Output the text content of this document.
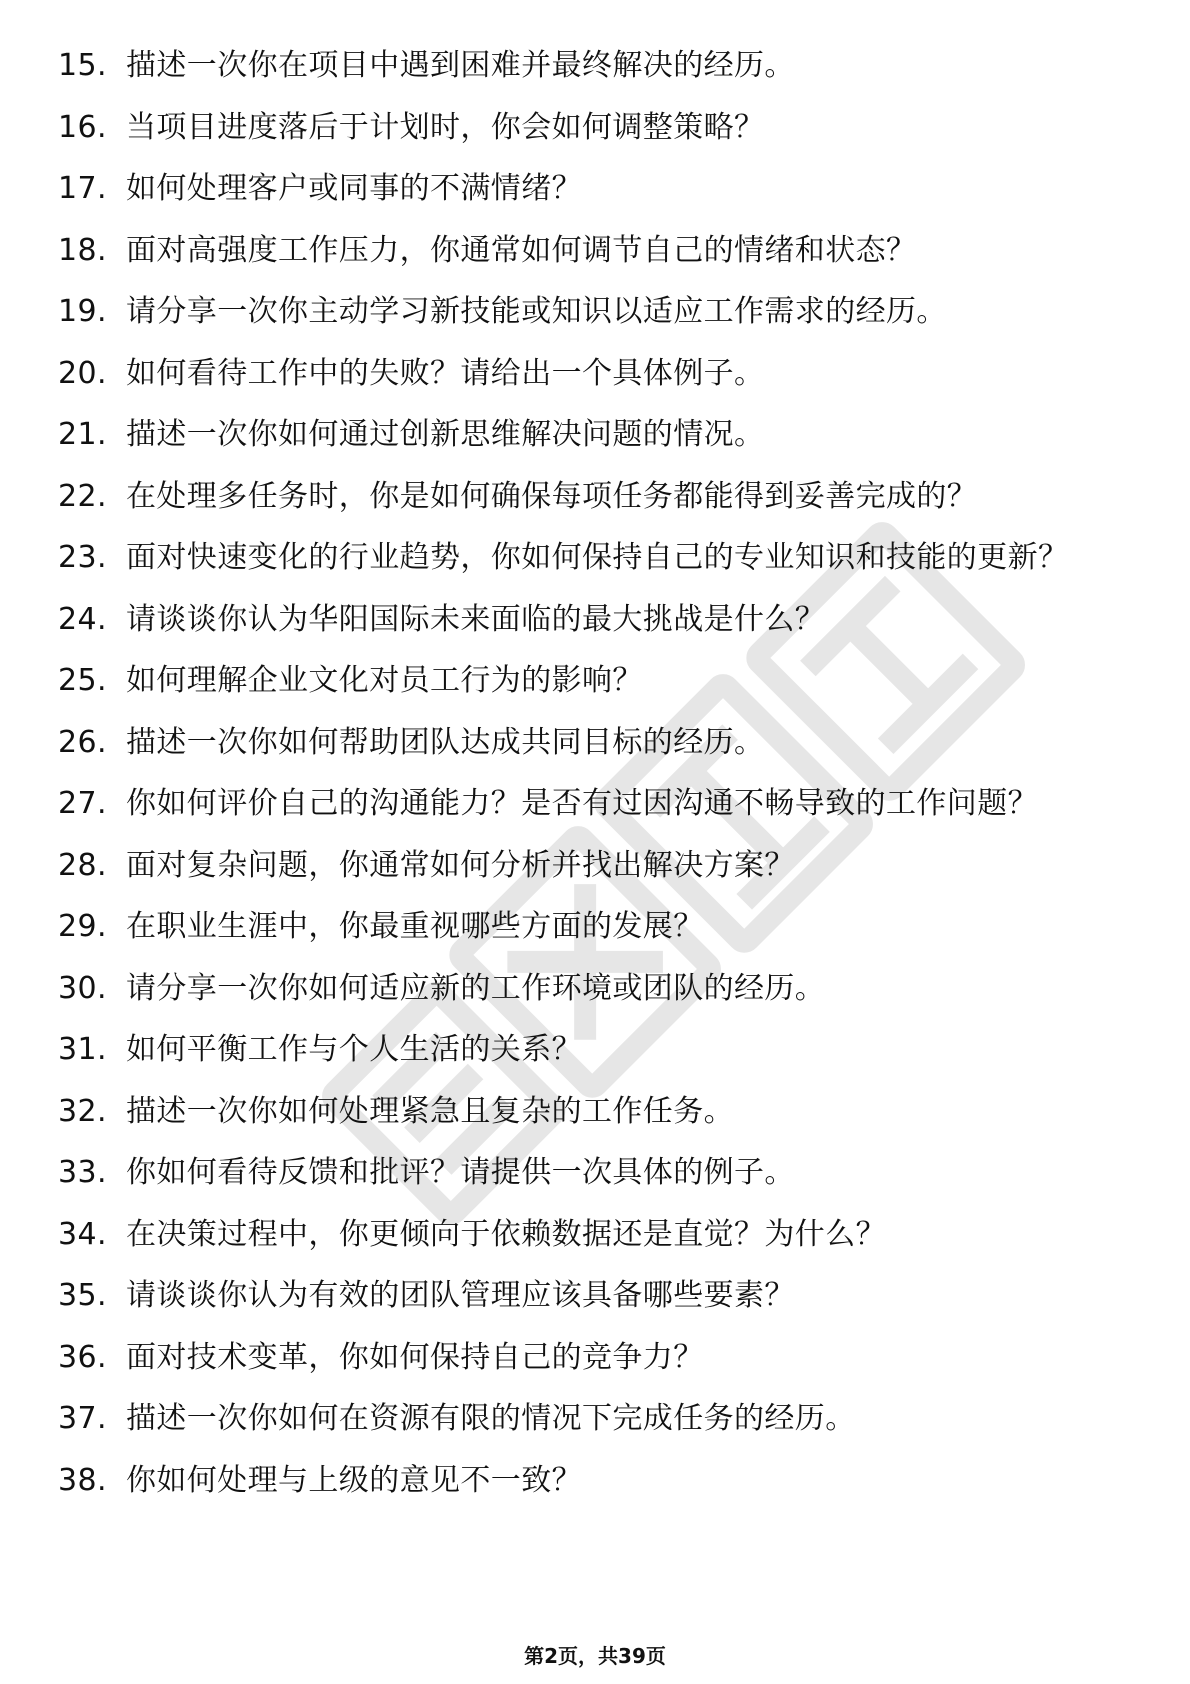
15. 描述一次你在项目中遇到困难并最终解决的经历。
16. 当项目进度落后于计划时，你会如何调整策略？
17. 如何处理客户或同事的不满情绪？
18. 面对高强度工作压力，你通常如何调节自己的情绪和状态？
19. 请分享一次你主动学习新技能或知识以适应工作需求的经历。
20. 如何看待工作中的失败？请给出一个具体例子。
21. 描述一次你如何通过创新思维解决问题的情况。
22. 在处理多任务时，你是如何确保每项任务都能得到妥善完成的？
23. 面对快速变化的行业趋势，你如何保持自己的专业知识和技能的更新？
24. 请谈谈你认为华阳国际未来面临的最大挑战是什么？
25. 如何理解企业文化对员工行为的影响？
26. 描述一次你如何帮助团队达成共同目标的经历。
27. 你如何评价自己的沟通能力？是否有过因沟通不畅导致的工作问题？
28. 面对复杂问题，你通常如何分析并找出解决方案？
29. 在职业生涯中，你最重视哪些方面的发展？
30. 请分享一次你如何适应新的工作环境或团队的经历。
31. 如何平衡工作与个人生活的关系？
32. 描述一次你如何处理紧急且复杂的工作任务。
33. 你如何看待反馈和批评？请提供一次具体的例子。
34. 在决策过程中，你更倾向于依赖数据还是直觉？为什么？
35. 请谈谈你认为有效的团队管理应该具备哪些要素？
36. 面对技术变革，你如何保持自己的竞争力？
37. 描述一次你如何在资源有限的情况下完成任务的经历。
38. 你如何处理与上级的意见不一致？
第2页，共39页
